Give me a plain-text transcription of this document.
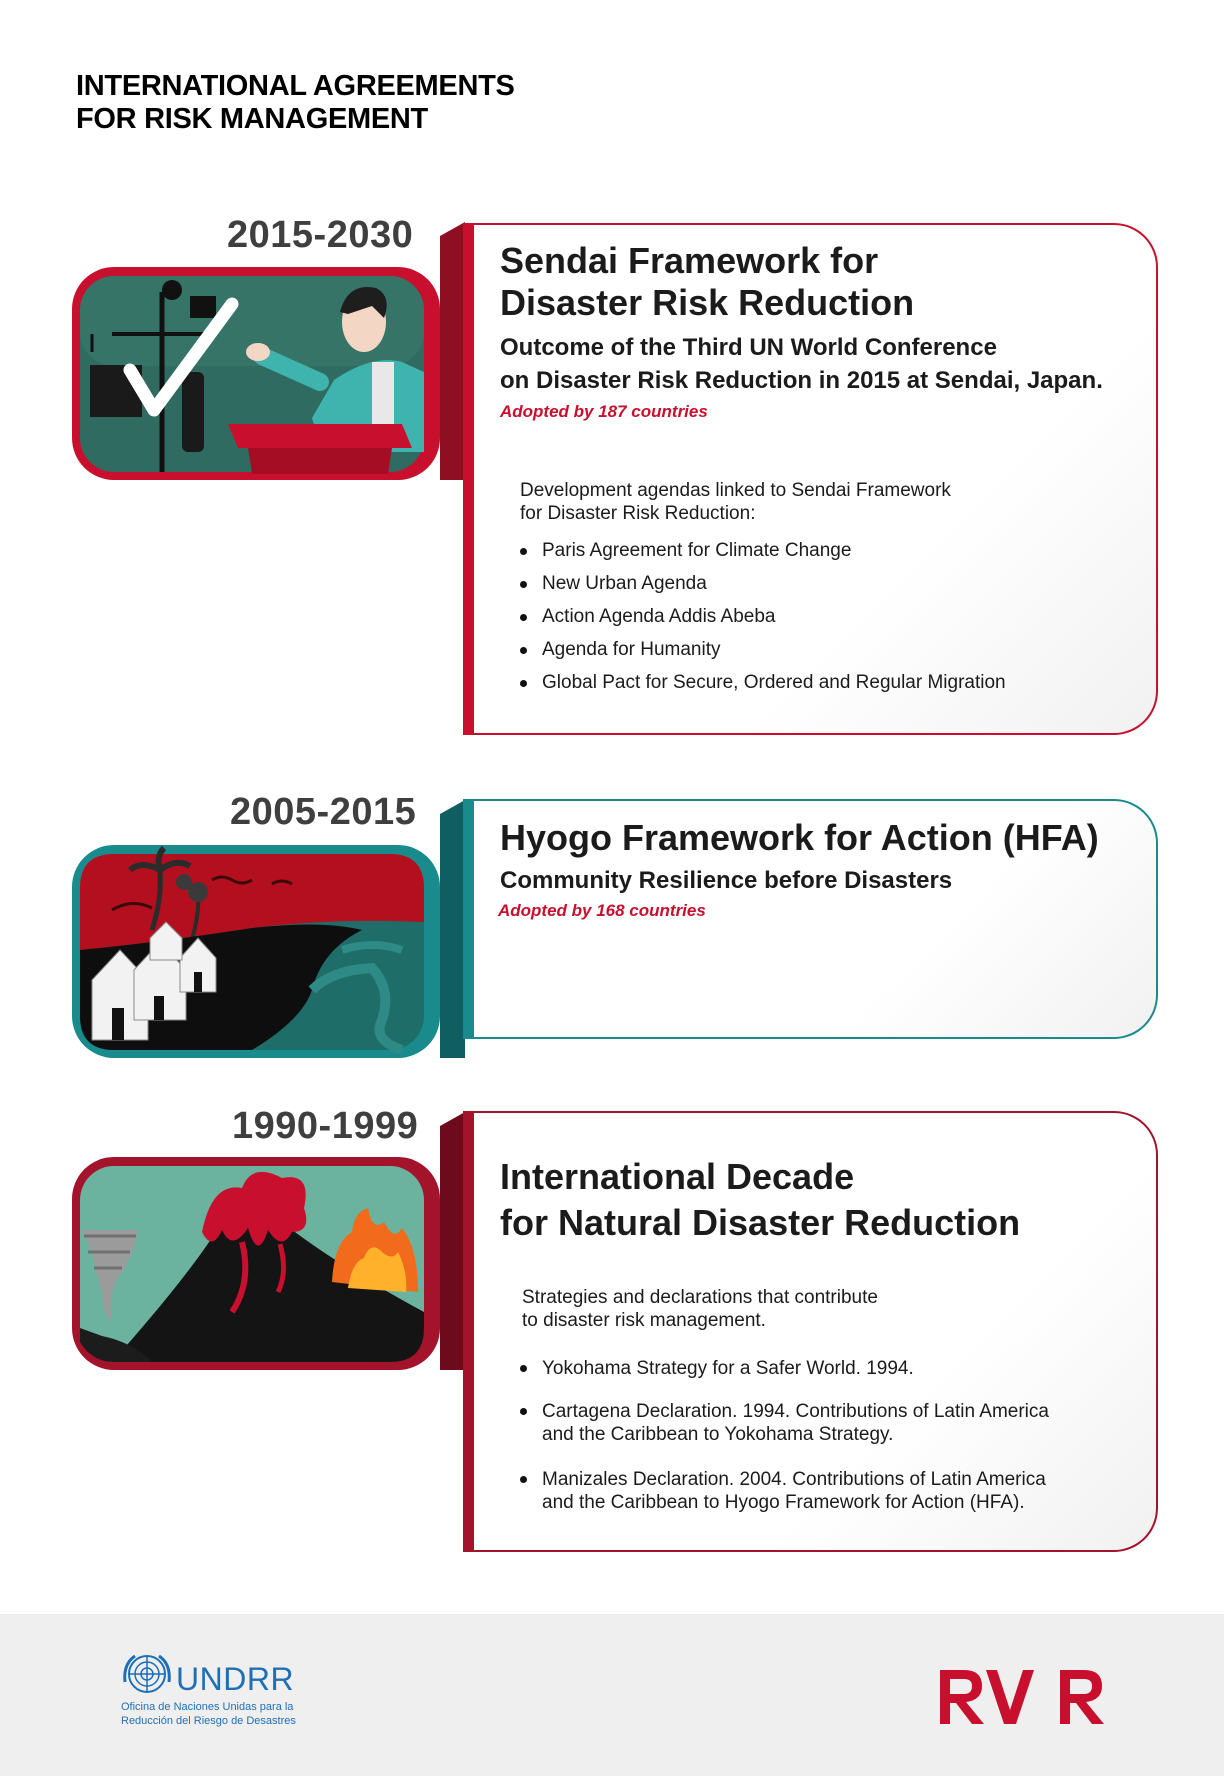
INTERNATIONAL AGREEMENTS
FOR RISK MANAGEMENT
2015-2030
Sendai Framework for
Disaster Risk Reduction
Outcome of the Third UN World Conference
on Disaster Risk Reduction in 2015 at Sendai, Japan.
Adopted by 187 countries
Development agendas linked to Sendai Framework
for Disaster Risk Reduction:
Paris Agreement for Climate Change
New Urban Agenda
Action Agenda Addis Abeba
Agenda for Humanity
Global Pact for Secure, Ordered and Regular Migration
2005-2015
Hyogo Framework for Action (HFA)
Community Resilience before Disasters
Adopted by 168 countries
1990-1999
International Decade
for Natural Disaster Reduction
Strategies and declarations that contribute
to disaster risk management.
Yokohama Strategy for a Safer World. 1994.
Cartagena Declaration. 1994. Contributions of Latin America
and the Caribbean to Yokohama Strategy.
Manizales Declaration. 2004. Contributions of Latin America
and the Caribbean to Hyogo Framework for Action (HFA).
UNDRR
Oficina de Naciones Unidas para la
Reducción del Riesgo de Desastres
